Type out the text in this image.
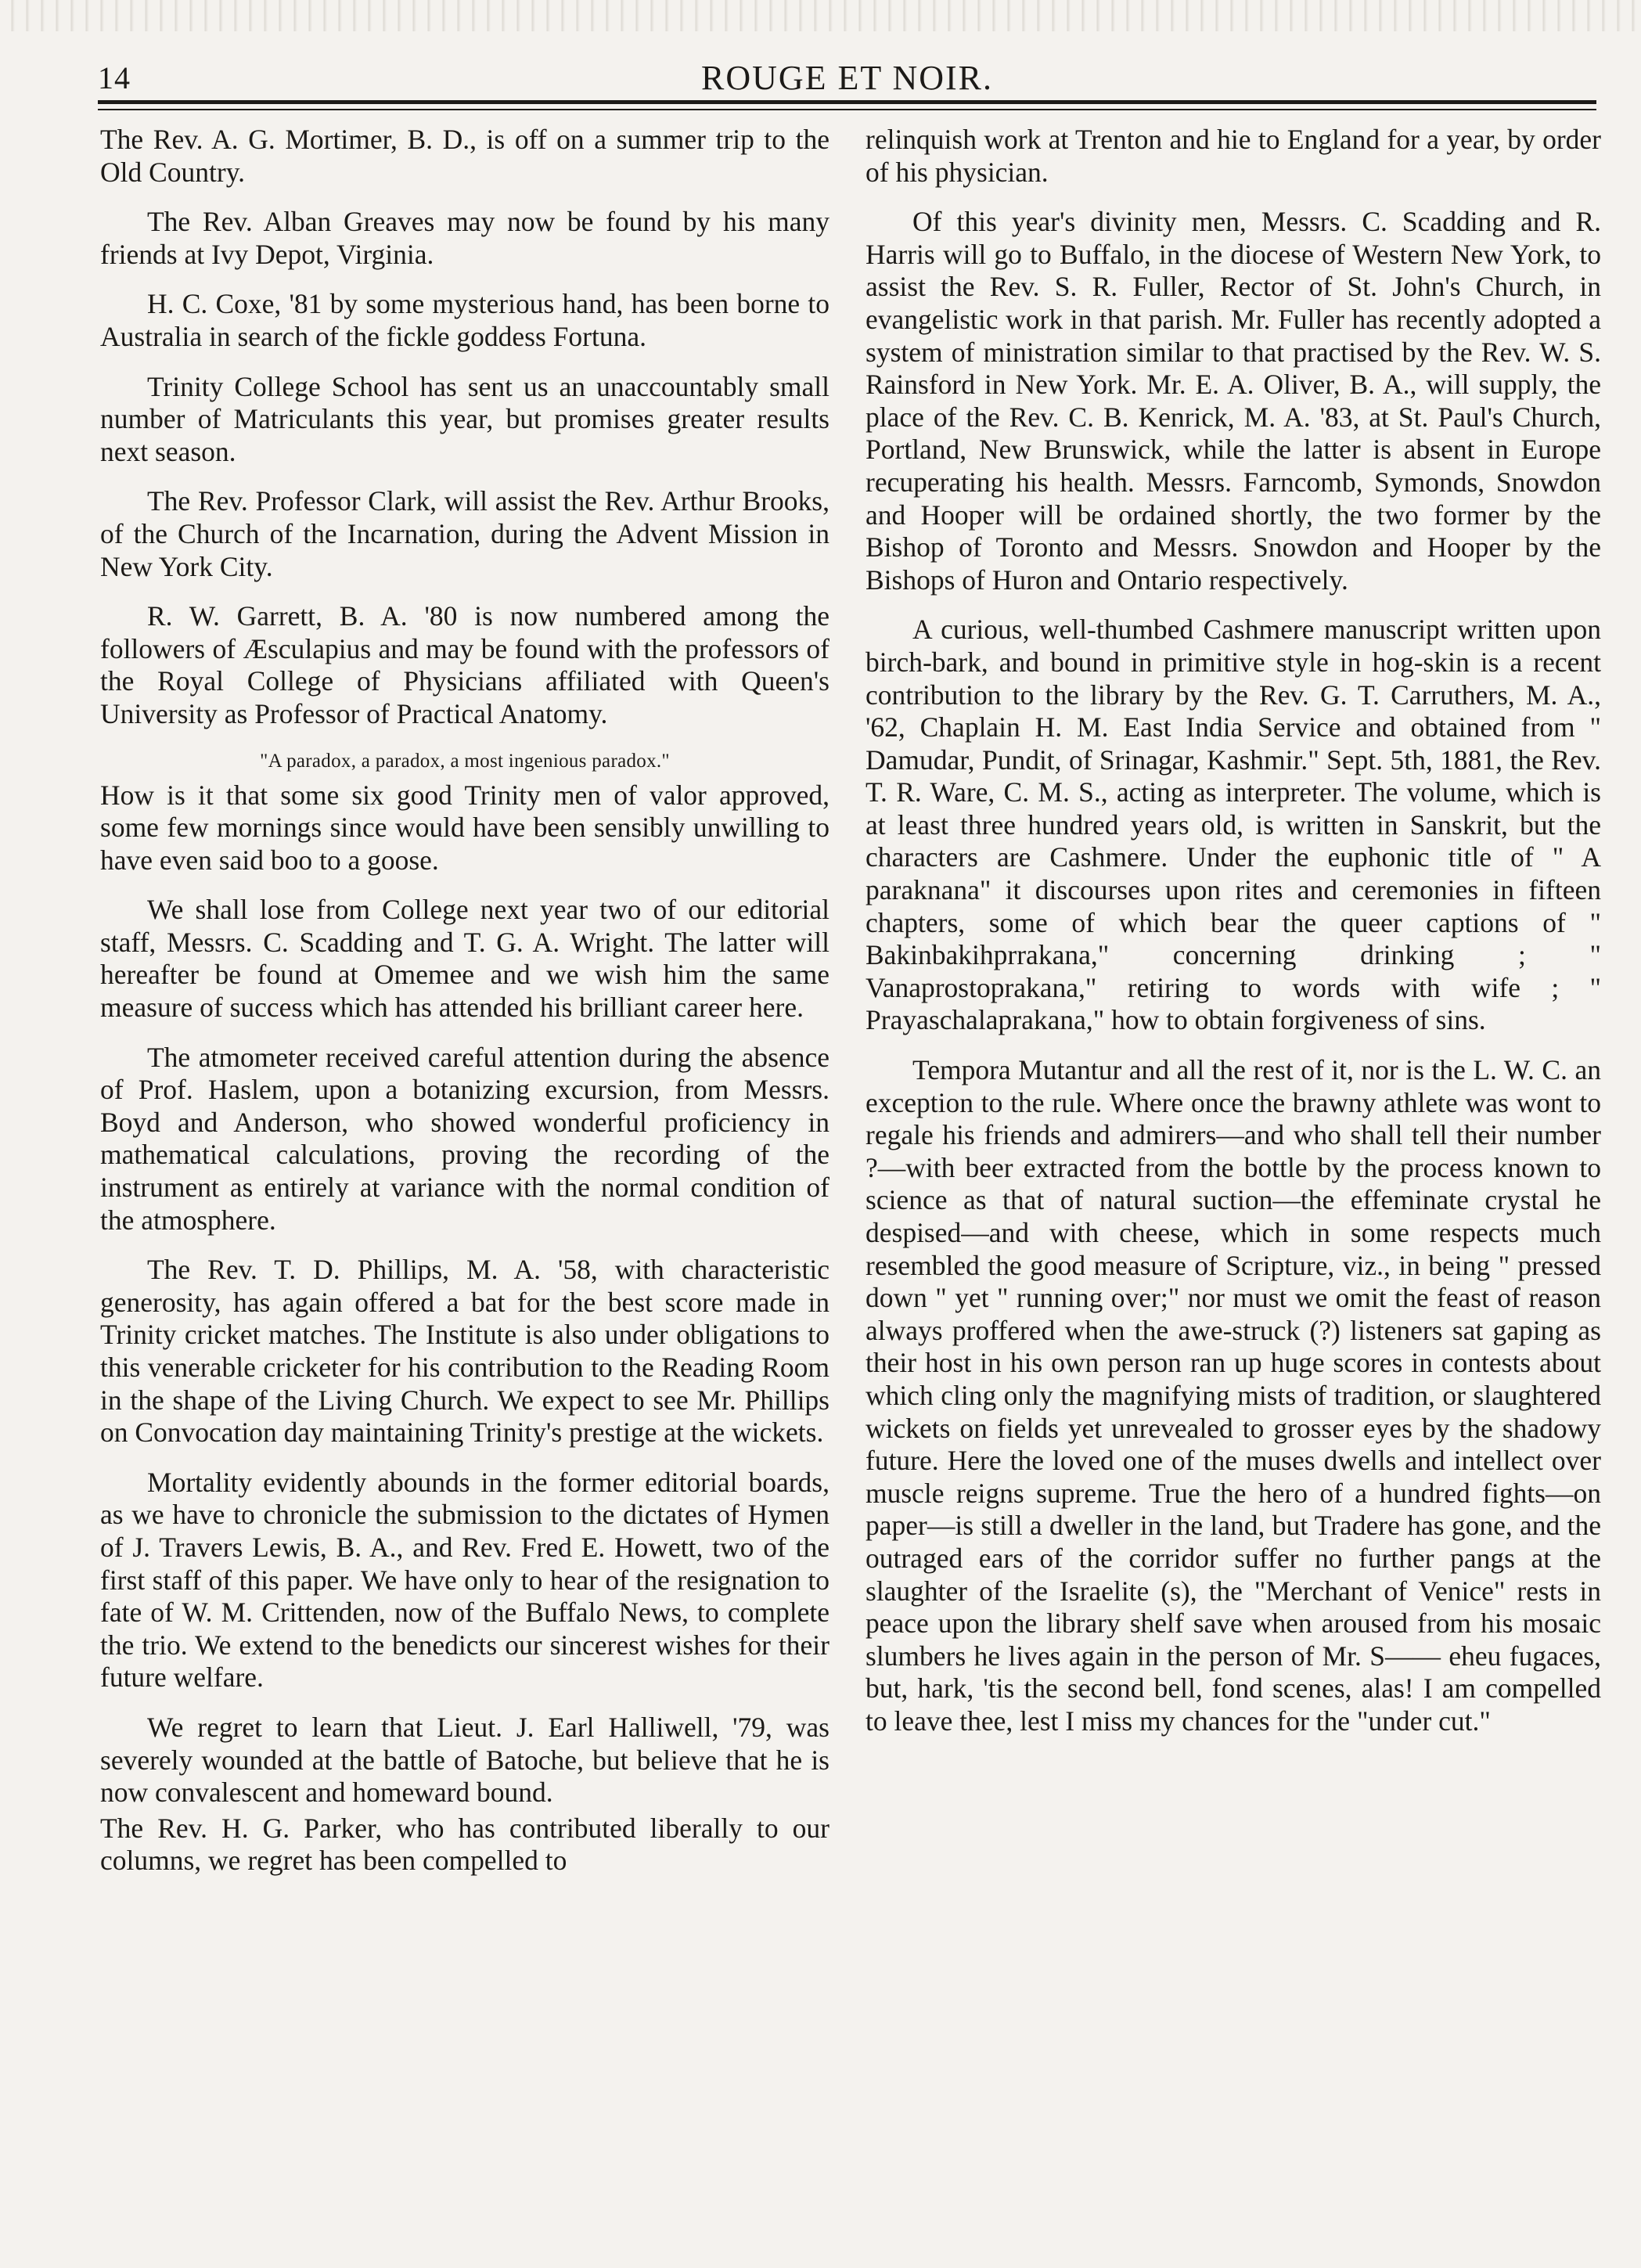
14	ROUGE ET NOIR.

The Rev. A. G. Mortimer, B. D., is off on a summer trip to the Old Country.

The Rev. Alban Greaves may now be found by his many friends at Ivy Depot, Virginia.

H. C. Coxe, '81 by some mysterious hand, has been borne to Australia in search of the fickle goddess Fortuna.

Trinity College School has sent us an unaccountably small number of Matriculants this year, but promises greater results next season.

The Rev. Professor Clark, will assist the Rev. Arthur Brooks, of the Church of the Incarnation, during the Advent Mission in New York City.

R. W. Garrett, B. A. '80 is now numbered among the followers of Æsculapius and may be found with the professors of the Royal College of Physicians affiliated with Queen's University as Professor of Practical Anatomy.

"A paradox, a paradox, a most ingenious paradox."

How is it that some six good Trinity men of valor approved, some few mornings since would have been sensibly unwilling to have even said boo to a goose.

We shall lose from College next year two of our editorial staff, Messrs. C. Scadding and T. G. A. Wright. The latter will hereafter be found at Omemee and we wish him the same measure of success which has attended his brilliant career here.

The atmometer received careful attention during the absence of Prof. Haslem, upon a botanizing excursion, from Messrs. Boyd and Anderson, who showed wonderful proficiency in mathematical calculations, proving the recording of the instrument as entirely at variance with the normal condition of the atmosphere.

The Rev. T. D. Phillips, M. A. '58, with characteristic generosity, has again offered a bat for the best score made in Trinity cricket matches. The Institute is also under obligations to this venerable cricketer for his contribution to the Reading Room in the shape of the Living Church. We expect to see Mr. Phillips on Convocation day maintaining Trinity's prestige at the wickets.

Mortality evidently abounds in the former editorial boards, as we have to chronicle the submission to the dictates of Hymen of J. Travers Lewis, B. A., and Rev. Fred E. Howett, two of the first staff of this paper. We have only to hear of the resignation to fate of W. M. Crittenden, now of the Buffalo News, to complete the trio. We extend to the benedicts our sincerest wishes for their future welfare.

We regret to learn that Lieut. J. Earl Halliwell, '79, was severely wounded at the battle of Batoche, but believe that he is now convalescent and homeward bound.

The Rev. H. G. Parker, who has contributed liberally to our columns, we regret has been compelled to

relinquish work at Trenton and hie to England for a year, by order of his physician.

Of this year's divinity men, Messrs. C. Scadding and R. Harris will go to Buffalo, in the diocese of Western New York, to assist the Rev. S. R. Fuller, Rector of St. John's Church, in evangelistic work in that parish. Mr. Fuller has recently adopted a system of ministration similar to that practised by the Rev. W. S. Rainsford in New York. Mr. E. A. Oliver, B. A., will supply, the place of the Rev. C. B. Kenrick, M. A. '83, at St. Paul's Church, Portland, New Brunswick, while the latter is absent in Europe recuperating his health. Messrs. Farncomb, Symonds, Snowdon and Hooper will be ordained shortly, the two former by the Bishop of Toronto and Messrs. Snowdon and Hooper by the Bishops of Huron and Ontario respectively.

A curious, well-thumbed Cashmere manuscript written upon birch-bark, and bound in primitive style in hog-skin is a recent contribution to the library by the Rev. G. T. Carruthers, M. A., '62, Chaplain H. M. East India Service and obtained from " Damudar, Pundit, of Srinagar, Kashmir." Sept. 5th, 1881, the Rev. T. R. Ware, C. M. S., acting as interpreter. The volume, which is at least three hundred years old, is written in Sanskrit, but the characters are Cashmere. Under the euphonic title of " A paraknana" it discourses upon rites and ceremonies in fifteen chapters, some of which bear the queer captions of " Bakinbakihprrakana," concerning drinking ; " Vanaprostoprakana," retiring to words with wife ; " Prayaschalaprakana," how to obtain forgiveness of sins.

Tempora Mutantur and all the rest of it, nor is the L. W. C. an exception to the rule. Where once the brawny athlete was wont to regale his friends and admirers—and who shall tell their number ?—with beer extracted from the bottle by the process known to science as that of natural suction—the effeminate crystal he despised—and with cheese, which in some respects much resembled the good measure of Scripture, viz., in being " pressed down " yet " running over;" nor must we omit the feast of reason always proffered when the awe-struck (?) listeners sat gaping as their host in his own person ran up huge scores in contests about which cling only the magnifying mists of tradition, or slaughtered wickets on fields yet unrevealed to grosser eyes by the shadowy future. Here the loved one of the muses dwells and intellect over muscle reigns supreme. True the hero of a hundred fights—on paper—is still a dweller in the land, but Tradere has gone, and the outraged ears of the corridor suffer no further pangs at the slaughter of the Israelite (s), the "Merchant of Venice" rests in peace upon the library shelf save when aroused from his mosaic slumbers he lives again in the person of Mr. S—— eheu fugaces, but, hark, 'tis the second bell, fond scenes, alas! I am compelled to leave thee, lest I miss my chances for the "under cut."
